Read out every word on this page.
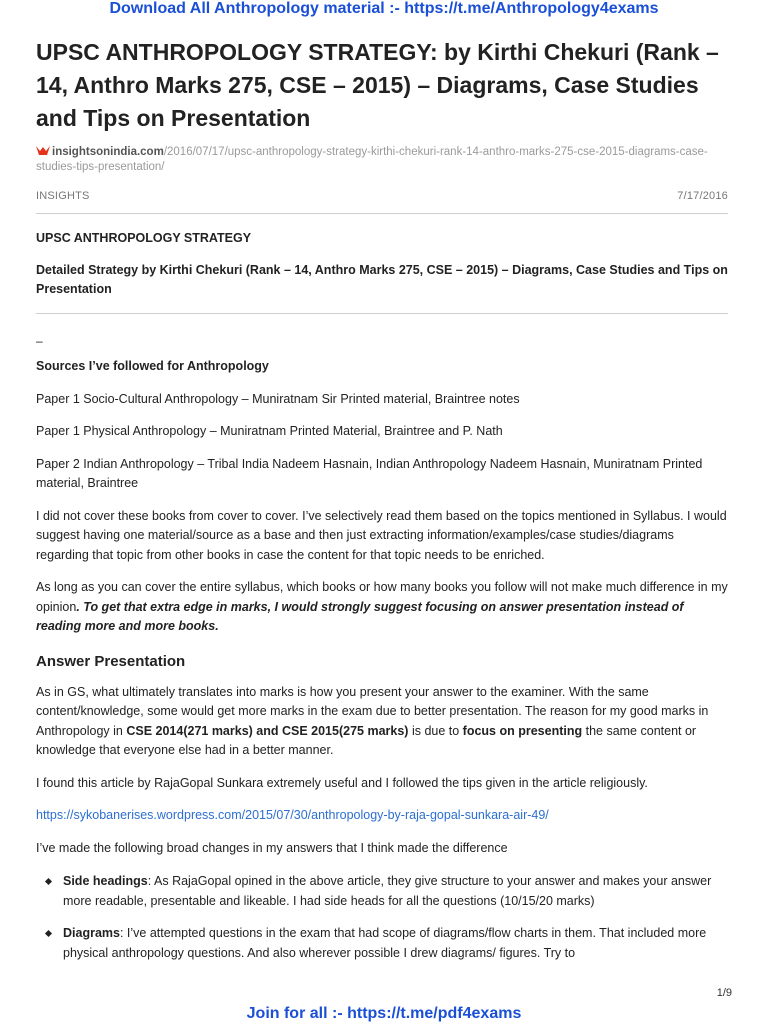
Download All Anthropology material :- https://t.me/Anthropology4exams
UPSC ANTHROPOLOGY STRATEGY: by Kirthi Chekuri (Rank – 14, Anthro Marks 275, CSE – 2015) – Diagrams, Case Studies and Tips on Presentation
insightsonindia.com/2016/07/17/upsc-anthropology-strategy-kirthi-chekuri-rank-14-anthro-marks-275-cse-2015-diagrams-case-studies-tips-presentation/
INSIGHTS	7/17/2016
UPSC ANTHROPOLOGY STRATEGY
Detailed Strategy by Kirthi Chekuri (Rank – 14, Anthro Marks 275, CSE – 2015) – Diagrams, Case Studies and Tips on Presentation
–

Sources I’ve followed for Anthropology

Paper 1 Socio-Cultural Anthropology – Muniratnam Sir Printed material, Braintree notes

Paper 1 Physical Anthropology – Muniratnam Printed Material, Braintree and P. Nath

Paper 2 Indian Anthropology – Tribal India Nadeem Hasnain, Indian Anthropology Nadeem Hasnain, Muniratnam Printed material, Braintree

I did not cover these books from cover to cover. I’ve selectively read them based on the topics mentioned in Syllabus. I would suggest having one material/source as a base and then just extracting information/examples/case studies/diagrams regarding that topic from other books in case the content for that topic needs to be enriched.

As long as you can cover the entire syllabus, which books or how many books you follow will not make much difference in my opinion. To get that extra edge in marks, I would strongly suggest focusing on answer presentation instead of reading more and more books.

Answer Presentation

As in GS, what ultimately translates into marks is how you present your answer to the examiner. With the same content/knowledge, some would get more marks in the exam due to better presentation. The reason for my good marks in Anthropology in CSE 2014(271 marks) and CSE 2015(275 marks) is due to focus on presenting the same content or knowledge that everyone else had in a better manner.

I found this article by RajaGopal Sunkara extremely useful and I followed the tips given in the article religiously.

https://sykobanerises.wordpress.com/2015/07/30/anthropology-by-raja-gopal-sunkara-air-49/

I’ve made the following broad changes in my answers that I think made the difference

Side headings: As RajaGopal opined in the above article, they give structure to your answer and makes your answer more readable, presentable and likeable. I had side heads for all the questions (10/15/20 marks)
Diagrams: I’ve attempted questions in the exam that had scope of diagrams/flow charts in them. That included more physical anthropology questions. And also wherever possible I drew diagrams/ figures. Try to
1/9
Join for all :- https://t.me/pdf4exams
